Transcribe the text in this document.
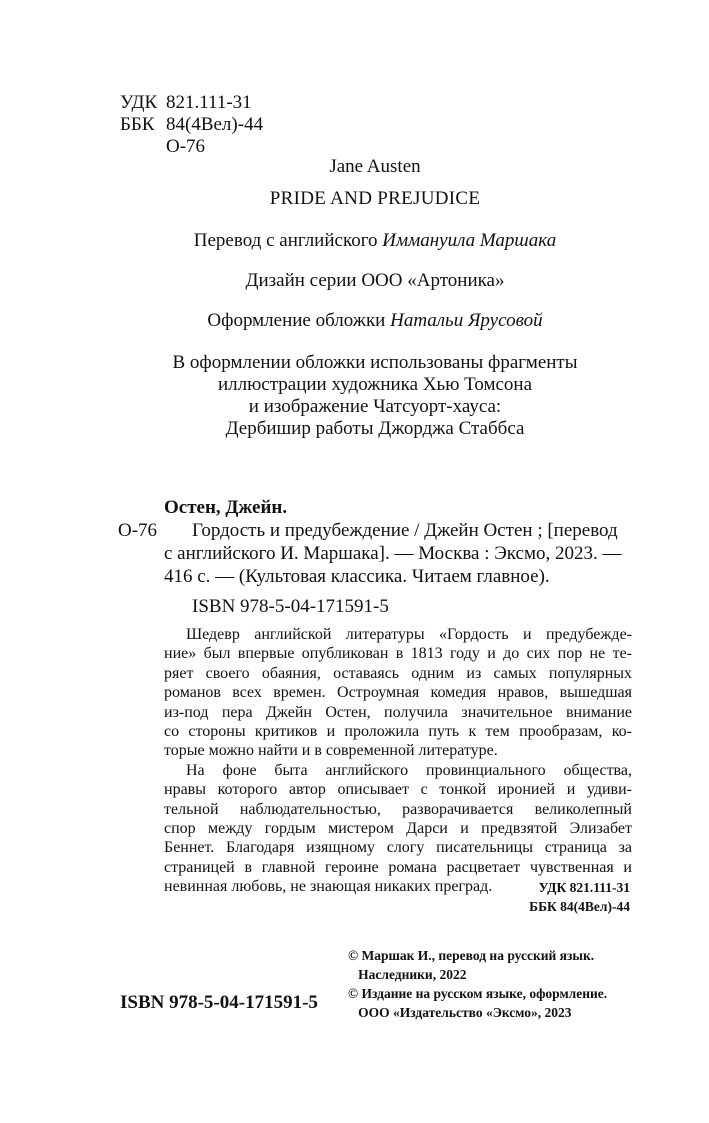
УДК 821.111-31
ББК 84(4Вел)-44
О-76
Jane Austen
PRIDE AND PREJUDICE
Перевод с английского Иммануила Маршака
Дизайн серии ООО «Артоника»
Оформление обложки Натальи Ярусовой
В оформлении обложки использованы фрагменты
иллюстрации художника Хью Томсона
и изображение Чатсуорт-хауса:
Дербишир работы Джорджа Стаббса
Остен, Джейн.
О-76 Гордость и предубеждение / Джейн Остен ; [перевод
с английского И. Маршака]. — Москва : Эксмо, 2023. —
416 с. — (Культовая классика. Читаем главное).
ISBN 978-5-04-171591-5
Шедевр английской литературы «Гордость и предубежде-
ние» был впервые опубликован в 1813 году и до сих пор не те-
ряет своего обаяния, оставаясь одним из самых популярных
романов всех времен. Остроумная комедия нравов, вышедшая
из-под пера Джейн Остен, получила значительное внимание
со стороны критиков и проложила путь к тем прообразам, ко-
торые можно найти и в современной литературе.
На фоне быта английского провинциального общества,
нравы которого автор описывает с тонкой иронией и удиви-
тельной наблюдательностью, разворачивается великолепный
спор между гордым мистером Дарси и предвзятой Элизабет
Беннет. Благодаря изящному слогу писательницы страница за
страницей в главной героине романа расцветает чувственная и
невинная любовь, не знающая никаких преград.	УДК 821.111-31
ББК 84(4Вел)-44
© Маршак И., перевод на русский язык.
Наследники, 2022
© Издание на русском языке, оформление.
ООО «Издательство «Эксмо», 2023
ISBN 978-5-04-171591-5
